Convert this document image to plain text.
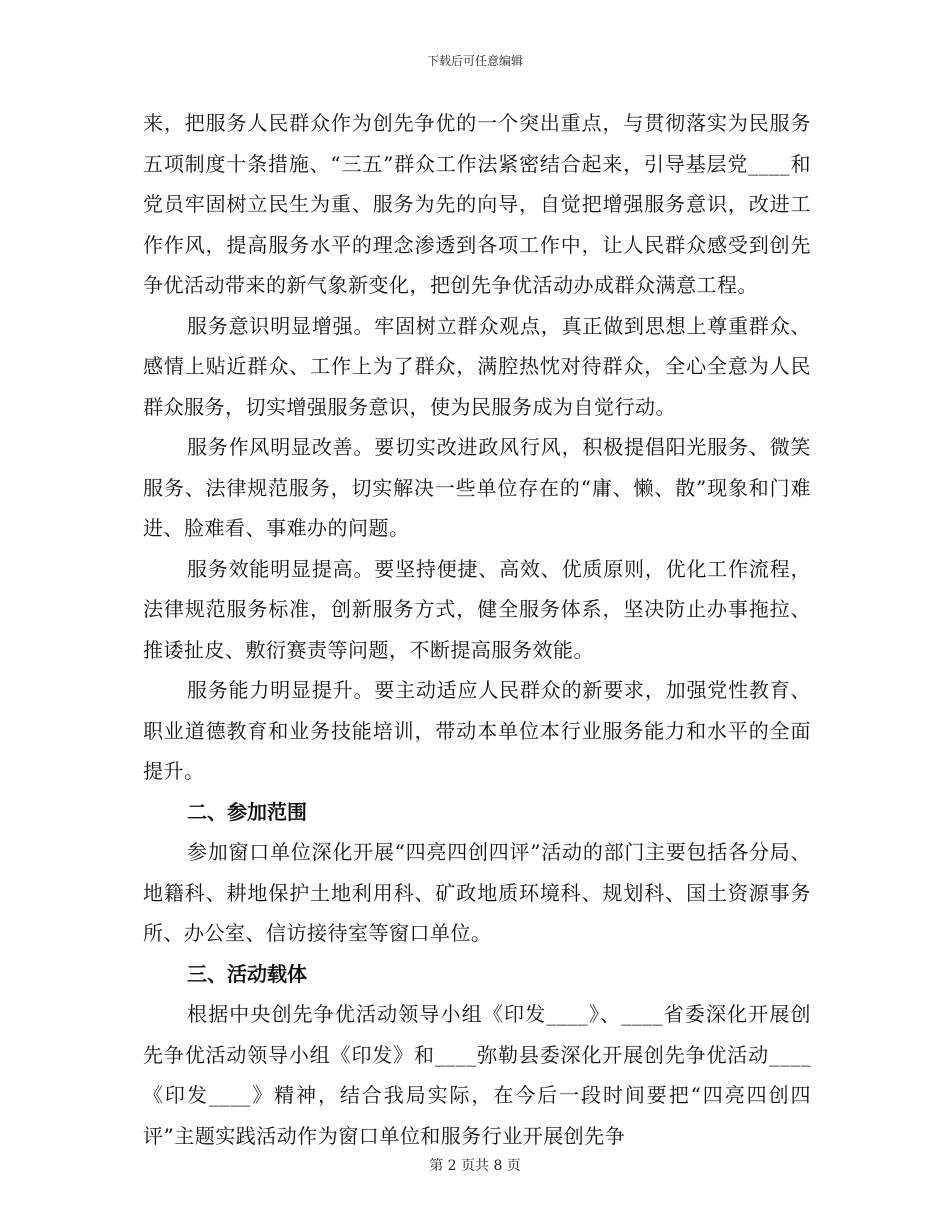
下载后可任意编辑

来，把服务人民群众作为创先争优的一个突出重点，与贯彻落实为民服务五项制度十条措施、“三五”群众工作法紧密结合起来，引导基层党____和党员牢固树立民生为重、服务为先的向导，自觉把增强服务意识，改进工作作风，提高服务水平的理念渗透到各项工作中，让人民群众感受到创先争优活动带来的新气象新变化，把创先争优活动办成群众满意工程。

服务意识明显增强。牢固树立群众观点，真正做到思想上尊重群众、感情上贴近群众、工作上为了群众，满腔热忱对待群众，全心全意为人民群众服务，切实增强服务意识，使为民服务成为自觉行动。

服务作风明显改善。要切实改进政风行风，积极提倡阳光服务、微笑服务、法律规范服务，切实解决一些单位存在的“庸、懒、散”现象和门难进、脸难看、事难办的问题。

服务效能明显提高。要坚持便捷、高效、优质原则，优化工作流程，法律规范服务标准，创新服务方式，健全服务体系，坚决防止办事拖拉、推诿扯皮、敷衍赛责等问题，不断提高服务效能。

服务能力明显提升。要主动适应人民群众的新要求，加强党性教育、职业道德教育和业务技能培训，带动本单位本行业服务能力和水平的全面提升。

二、参加范围

参加窗口单位深化开展“四亮四创四评”活动的部门主要包括各分局、地籍科、耕地保护土地利用科、矿政地质环境科、规划科、国土资源事务所、办公室、信访接待室等窗口单位。

三、活动载体

根据中央创先争优活动领导小组《印发____》、____省委深化开展创先争优活动领导小组《印发》和____弥勒县委深化开展创先争优活动____《印发____》精神，结合我局实际，在今后一段时间要把“四亮四创四评”主题实践活动作为窗口单位和服务行业开展创先争

第 2 页共 8 页
